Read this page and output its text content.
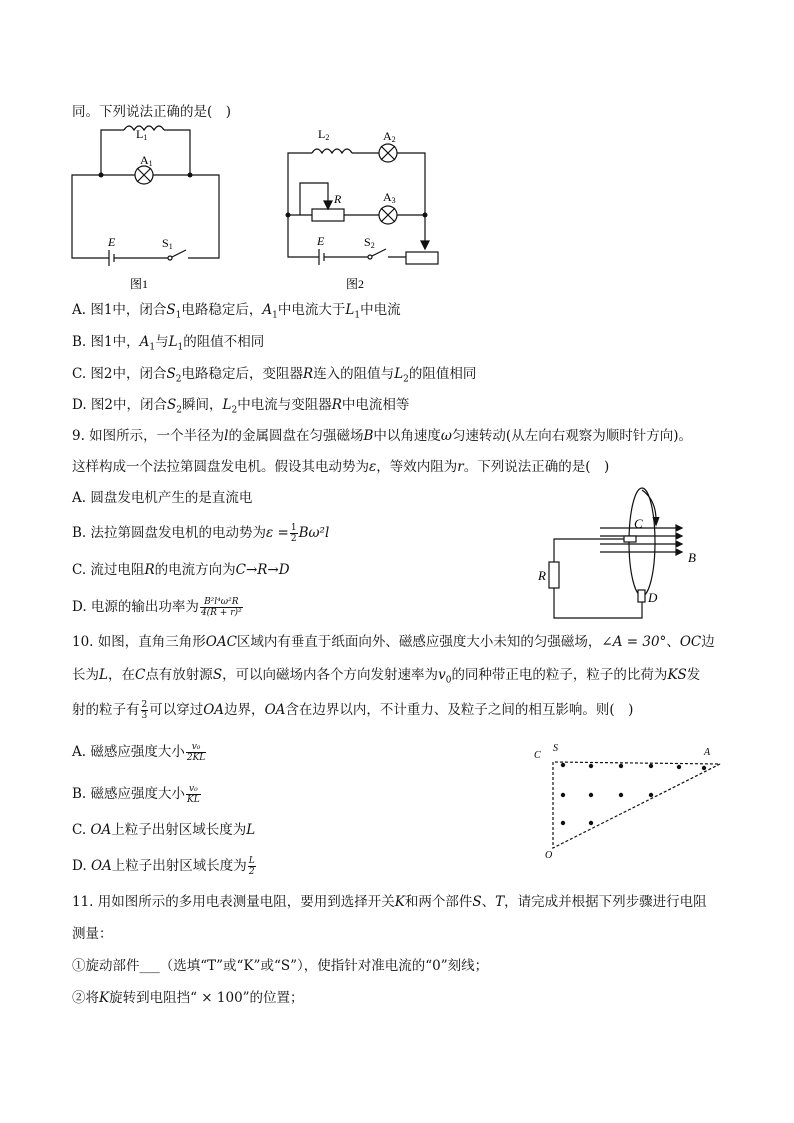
同。下列说法正确的是(　)
L1
A1
E	S1
图1
L2	A2
R	A3
E	S2
图2
A. 图1中，闭合$S_1$电路稳定后，$A_1$中电流大于$L_1$中电流
B. 图1中，$A_1$与$L_1$的阻值不相同
C. 图2中，闭合$S_2$电路稳定后，变阻器R连入的阻值与$L_2$的阻值相同
D. 图2中，闭合$S_2$瞬间，$L_2$中电流与变阻器R中电流相等
9. 如图所示，一个半径为l的金属圆盘在匀强磁场B中以角速度ω匀速转动(从左向右观察为顺时针方向)。
这样构成一个法拉第圆盘发电机。假设其电动势为ε，等效内阻为r。下列说法正确的是(　)
A. 圆盘发电机产生的是直流电
B. 法拉第圆盘发电机的电动势为$\varepsilon = \frac{1}{2} B\omega^2l$
C. 流过电阻R的电流方向为C→R→D
D. 电源的输出功率为 $\frac{\text{B²l⁴ω²R}}{\text{4(R + r)²}}$
C
B
R
D
10. 如图，直角三角形OAC区域内有垂直于纸面向外、磁感应强度大小未知的匀强磁场，∠A = 30°、OC边
长为L，在C点有放射源S，可以向磁场内各个方向发射速率为$v_0$的同种带正电的粒子，粒子的比荷为KS发
射的粒子有 $\frac{2}{3}$ 可以穿过OA边界，OA含在边界以内，不计重力、及粒子之间的相互影响。则(　)
A. 磁感应强度大小 $\frac{\text{v₀}}{2KL}$
B. 磁感应强度大小 $\frac{\text{v₀}}{KL}$
C. OA上粒子出射区域长度为L
D. OA上粒子出射区域长度为 $\frac{L}{2}$
C
S	A
O
11. 用如图所示的多用电表测量电阻，要用到选择开关K和两个部件S、T，请完成并根据下列步骤进行电阻
测量：
①旋动部件___（选填“T”或“K”或“S”），使指针对准电流的“0”刻线；
②将K旋转到电阻挡“ × 100”的位置；
